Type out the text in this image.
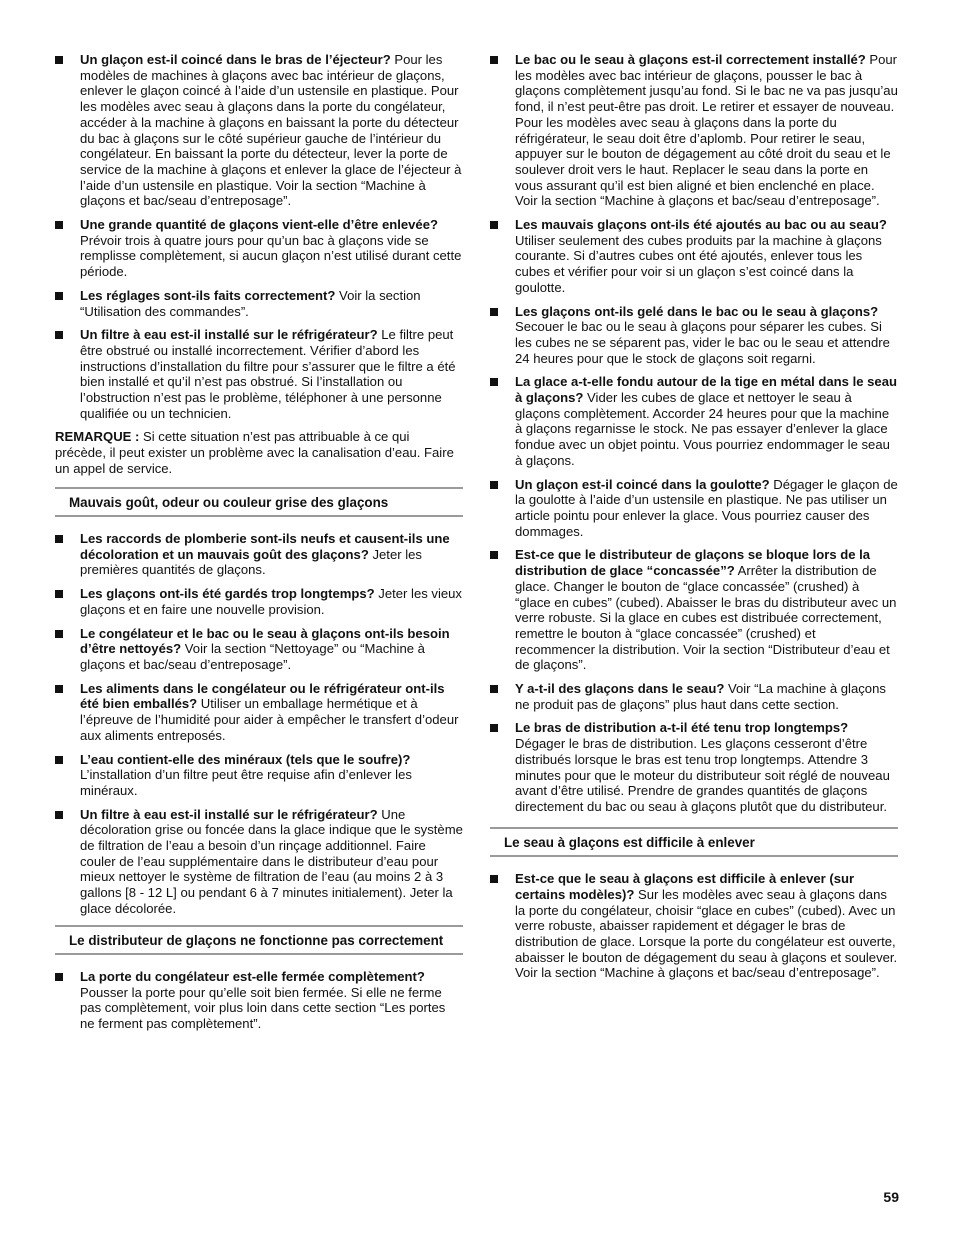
Un glaçon est-il coincé dans le bras de l’éjecteur? Pour les modèles de machines à glaçons avec bac intérieur de glaçons, enlever le glaçon coincé à l’aide d’un ustensile en plastique. Pour les modèles avec seau à glaçons dans la porte du congélateur, accéder à la machine à glaçons en baissant la porte du détecteur du bac à glaçons sur le côté supérieur gauche de l’intérieur du congélateur. En baissant la porte du détecteur, lever la porte de service de la machine à glaçons et enlever la glace de l’éjecteur à l’aide d’un ustensile en plastique. Voir la section “Machine à glaçons et bac/seau d’entreposage”.
Une grande quantité de glaçons vient-elle d’être enlevée? Prévoir trois à quatre jours pour qu’un bac à glaçons vide se remplisse complètement, si aucun glaçon n’est utilisé durant cette période.
Les réglages sont-ils faits correctement? Voir la section “Utilisation des commandes”.
Un filtre à eau est-il installé sur le réfrigérateur? Le filtre peut être obstrué ou installé incorrectement. Vérifier d’abord les instructions d’installation du filtre pour s’assurer que le filtre a été bien installé et qu’il n’est pas obstrué. Si l’installation ou l’obstruction n’est pas le problème, téléphoner à une personne qualifiée ou un technicien.

REMARQUE : Si cette situation n’est pas attribuable à ce qui précède, il peut exister un problème avec la canalisation d’eau. Faire un appel de service.

Mauvais goût, odeur ou couleur grise des glaçons
Les raccords de plomberie sont-ils neufs et causent-ils une décoloration et un mauvais goût des glaçons? Jeter les premières quantités de glaçons.
Les glaçons ont-ils été gardés trop longtemps? Jeter les vieux glaçons et en faire une nouvelle provision.
Le congélateur et le bac ou le seau à glaçons ont-ils besoin d’être nettoyés? Voir la section “Nettoyage” ou “Machine à glaçons et bac/seau d’entreposage”.
Les aliments dans le congélateur ou le réfrigérateur ont-ils été bien emballés? Utiliser un emballage hermétique et à l’épreuve de l’humidité pour aider à empêcher le transfert d’odeur aux aliments entreposés.
L’eau contient-elle des minéraux (tels que le soufre)? L’installation d’un filtre peut être requise afin d’enlever les minéraux.
Un filtre à eau est-il installé sur le réfrigérateur? Une décoloration grise ou foncée dans la glace indique que le système de filtration de l’eau a besoin d’un rinçage additionnel. Faire couler de l’eau supplémentaire dans le distributeur d’eau pour mieux nettoyer le système de filtration de l’eau (au moins 2 à 3 gallons [8 - 12 L] ou pendant 6 à 7 minutes initialement). Jeter la glace décolorée.
Le distributeur de glaçons ne fonctionne pas correctement
La porte du congélateur est-elle fermée complètement? Pousser la porte pour qu’elle soit bien fermée. Si elle ne ferme pas complètement, voir plus loin dans cette section “Les portes ne ferment pas complètement”.
Le bac ou le seau à glaçons est-il correctement installé? Pour les modèles avec bac intérieur de glaçons, pousser le bac à glaçons complètement jusqu’au fond. Si le bac ne va pas jusqu’au fond, il n’est peut-être pas droit. Le retirer et essayer de nouveau. Pour les modèles avec seau à glaçons dans la porte du réfrigérateur, le seau doit être d’aplomb. Pour retirer le seau, appuyer sur le bouton de dégagement au côté droit du seau et le soulever droit vers le haut. Replacer le seau dans la porte en vous assurant qu’il est bien aligné et bien enclenché en place. Voir la section “Machine à glaçons et bac/seau d’entreposage”.
Les mauvais glaçons ont-ils été ajoutés au bac ou au seau? Utiliser seulement des cubes produits par la machine à glaçons courante. Si d’autres cubes ont été ajoutés, enlever tous les cubes et vérifier pour voir si un glaçon s’est coincé dans la goulotte.
Les glaçons ont-ils gelé dans le bac ou le seau à glaçons? Secouer le bac ou le seau à glaçons pour séparer les cubes. Si les cubes ne se séparent pas, vider le bac ou le seau et attendre 24 heures pour que le stock de glaçons soit regarni.
La glace a-t-elle fondu autour de la tige en métal dans le seau à glaçons? Vider les cubes de glace et nettoyer le seau à glaçons complètement. Accorder 24 heures pour que la machine à glaçons regarnisse le stock. Ne pas essayer d’enlever la glace fondue avec un objet pointu. Vous pourriez endommager le seau à glaçons.
Un glaçon est-il coincé dans la goulotte? Dégager le glaçon de la goulotte à l’aide d’un ustensile en plastique. Ne pas utiliser un article pointu pour enlever la glace. Vous pourriez causer des dommages.
Est-ce que le distributeur de glaçons se bloque lors de la distribution de glace “concassée”? Arrêter la distribution de glace. Changer le bouton de “glace concassée” (crushed) à “glace en cubes” (cubed). Abaisser le bras du distributeur avec un verre robuste. Si la glace en cubes est distribuée correctement, remettre le bouton à “glace concassée” (crushed) et recommencer la distribution. Voir la section “Distributeur d’eau et de glaçons”.
Y a-t-il des glaçons dans le seau? Voir “La machine à glaçons ne produit pas de glaçons” plus haut dans cette section.
Le bras de distribution a-t-il été tenu trop longtemps? Dégager le bras de distribution. Les glaçons cesseront d’être distribués lorsque le bras est tenu trop longtemps. Attendre 3 minutes pour que le moteur du distributeur soit réglé de nouveau avant d’être utilisé. Prendre de grandes quantités de glaçons directement du bac ou seau à glaçons plutôt que du distributeur.
Le seau à glaçons est difficile à enlever
Est-ce que le seau à glaçons est difficile à enlever (sur certains modèles)? Sur les modèles avec seau à glaçons dans la porte du congélateur, choisir “glace en cubes” (cubed). Avec un verre robuste, abaisser rapidement et dégager le bras de distribution de glace. Lorsque la porte du congélateur est ouverte, abaisser le bouton de dégagement du seau à glaçons et soulever. Voir la section “Machine à glaçons et bac/seau d’entreposage”.
59
